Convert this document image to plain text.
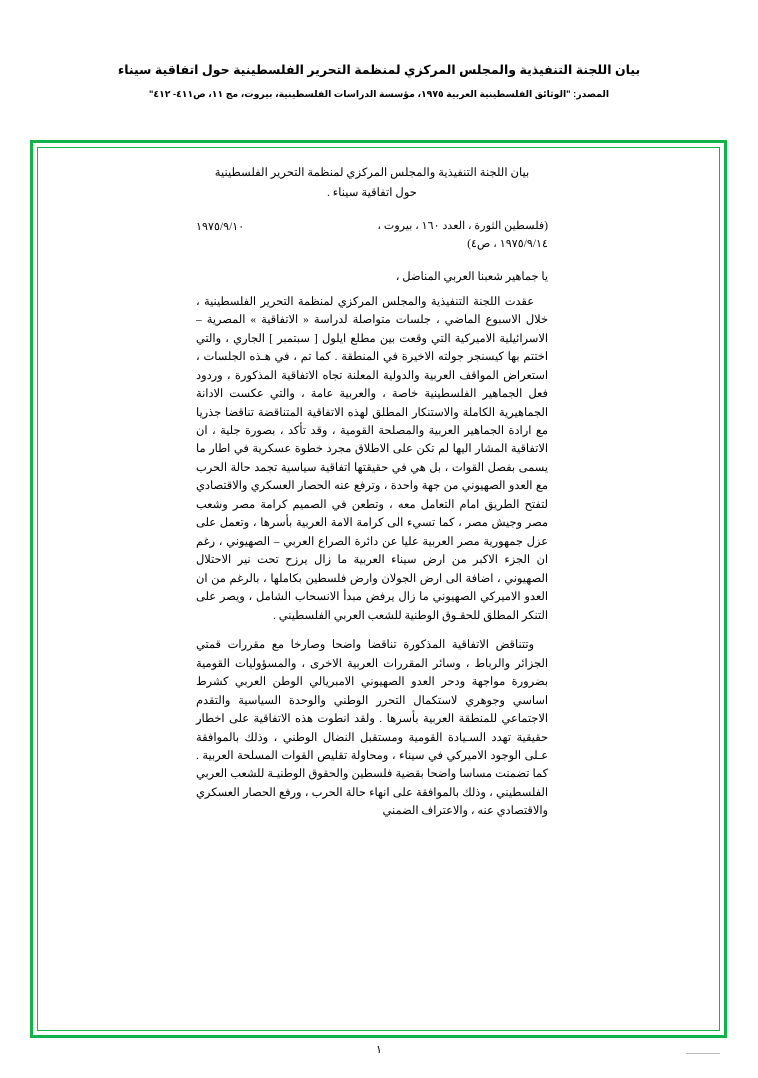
بيان اللجنة التنفيذية والمجلس المركزي لمنظمة التحرير الفلسطينية حول اتفاقية سيناء
المصدر: "الوثائق الفلسطينية العربية ١٩٧٥، مؤسسة الدراسات الفلسطينية، بيروت، مج ١١، ص٤١١- ٤١٢"
بيان اللجنة التنفيذية والمجلس المركزي لمنظمة التحرير الفلسطينية
حول اتفاقية سيناء .
١٩٧٥/٩/١٠	(فلسطين الثورة ، العدد ١٦٠ ، بيروت ،
١٩٧٥/٩/١٤ ، ص٤)

يا جماهير شعبنا العربي المناضل ،

عقدت اللجنة التنفيذية والمجلس المركزي لمنظمة التحرير الفلسطينية ، خلال الاسبوع الماضي ، جلسات متواصلة لدراسة « الاتفاقية » المصرية – الاسرائيلية الاميركية التي وقعت بين مطلع ايلول [ سبتمبر ] الجاري ، والتي اختتم بها كيسنجر جولته الاخيرة في المنطقة . كما تم ، في هـذه الجلسات ، استعراض المواقف العربية والدولية المعلنة تجاه الاتفاقية المذكورة ، وردود فعل الجماهير الفلسطينية خاصة ، والعربية عامة ، والتي عكست الادانة الجماهيرية الكاملة والاستنكار المطلق لهذه الاتفاقية المتناقضة تناقضا جذريا مع ارادة الجماهير العربية والمصلحة القومية ، وقد تأكد ، بصورة جلية ، ان الاتفاقية المشار اليها لم تكن على الاطلاق مجرد خطوة عسكرية في اطار ما يسمى بفصل القوات ، بل هي في حقيقتها اتفاقية سياسية تجمد حالة الحرب مع العدو الصهيوني من جهة واحدة ، وترفع عنه الحصار العسكري والاقتصادي لتفتح الطريق امام التعامل معه ، وتطعن في الصميم كرامة مصر وشعب مصر وجيش مصر ، كما تسيء الى كرامة الامة العربية بأسرها ، وتعمل على عزل جمهورية مصر العربية عليا عن دائرة الصراع العربي – الصهيوني ، رغم ان الجزء الاكبر من ارض سيناء العربية ما زال يرزح تحت نير الاحتلال الصهيوني ، اضافة الى ارض الجولان وارض فلسطين بكاملها ، بالرغم من ان العدو الاميركي الصهيوني ما زال يرفض مبدأ الانسحاب الشامل ، ويصر على التنكر المطلق للحقـوق الوطنية للشعب العربي الفلسطيني .

وتتناقض الاتفاقية المذكورة تناقضا واضحا وصارخا مع مقررات قمتي الجزائر والرباط ، وسائر المقررات العربية الاخرى ، والمسؤوليات القومية بضرورة مواجهة ودحر العدو الصهيوني الامبريالي الوطن العربي كشرط اساسي وجوهري لاستكمال التحرر الوطني والوحدة السياسية والتقدم الاجتماعي للمنطقة العربية بأسرها . ولقد انطوت هذه الاتفاقية على اخطار حقيقية تهدد السـيادة القومية ومستقبل النضال الوطني ، وذلك بالموافقة عـلى الوجود الاميركي في سيناء ، ومحاولة تقليص القوات المسلحة العربية . كما تضمنت مساسا واضحا بقضية فلسطين والحقوق الوطنيـة للشعب العربي الفلسطيني ، وذلك بالموافقة على انهاء حالة الحرب ، ورفع الحصار العسكري والاقتصادي عنه ، والاعتراف الضمني

١
